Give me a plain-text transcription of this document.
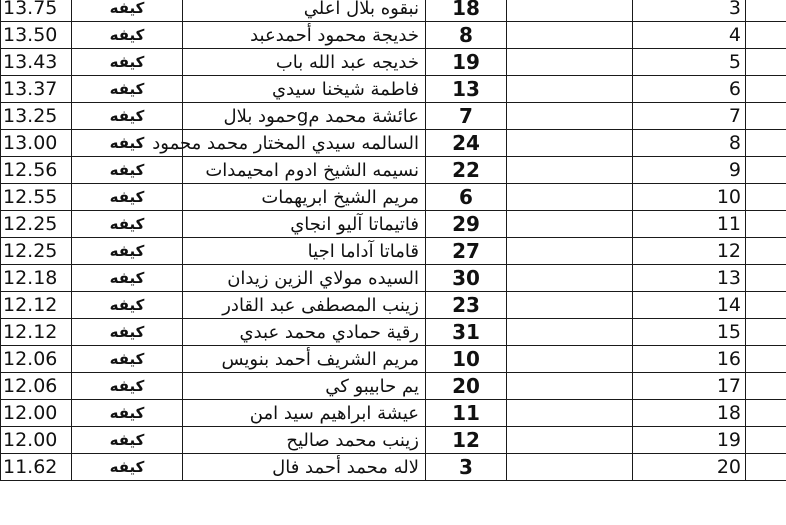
13.75	كيفه	نبقوه بلال اعلي	18		3	
13.50	كيفه	خديجة محمود أحمدعبد	8		4	
13.43	كيفه	خديجه عبد الله باب	19		5	
13.37	كيفه	فاطمة شيخنا سيدي	13		6	
13.25	كيفه	عائشة محمد مgحمود بلال	7		7	
13.00	كيفه	السالمه سيدي المختار محمد محمود	24		8	
12.56	كيفه	نسيمه الشيخ ادوم امحيمدات	22		9	
12.55	كيفه	مريم الشيخ ابريهمات	6		10	
12.25	كيفه	فاتيماتا آليو انجاي	29		11	
12.25	كيفه	قاماتا آداما اجيا	27		12	
12.18	كيفه	السيده مولاي الزين زيدان	30		13	
12.12	كيفه	زينب المصطفى عبد القادر	23		14	
12.12	كيفه	رقية حمادي محمد عبدي	31		15	
12.06	كيفه	مريم الشريف أحمد بنويس	10		16	
12.06	كيفه	يم حابيبو كي	20		17	
12.00	كيفه	عيشة ابراهيم سيد امن	11		18	
12.00	كيفه	زينب محمد صاليح	12		19	
11.62	كيفه	لاله محمد أحمد فال	3		20	
